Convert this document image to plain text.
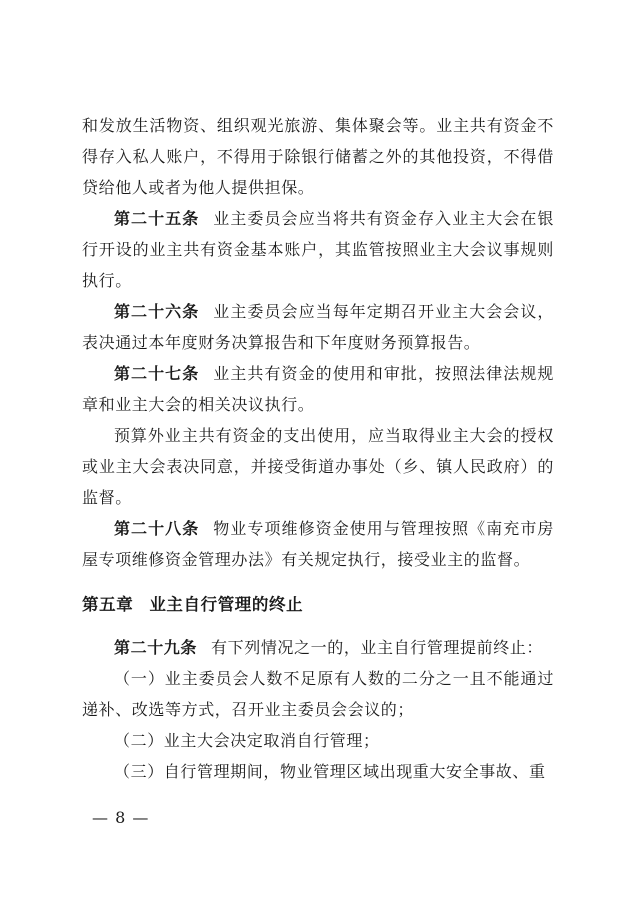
和发放生活物资、组织观光旅游、集体聚会等。业主共有资金不得存入私人账户，不得用于除银行储蓄之外的其他投资，不得借贷给他人或者为他人提供担保。

第二十五条 业主委员会应当将共有资金存入业主大会在银行开设的业主共有资金基本账户，其监管按照业主大会议事规则执行。

第二十六条 业主委员会应当每年定期召开业主大会会议，表决通过本年度财务决算报告和下年度财务预算报告。

第二十七条 业主共有资金的使用和审批，按照法律法规规章和业主大会的相关决议执行。

预算外业主共有资金的支出使用，应当取得业主大会的授权或业主大会表决同意，并接受街道办事处（乡、镇人民政府）的监督。

第二十八条 物业专项维修资金使用与管理按照《南充市房屋专项维修资金管理办法》有关规定执行，接受业主的监督。

第五章 业主自行管理的终止

第二十九条 有下列情况之一的，业主自行管理提前终止：

（一）业主委员会人数不足原有人数的二分之一且不能通过递补、改选等方式，召开业主委员会会议的；

（二）业主大会决定取消自行管理；

（三）自行管理期间，物业管理区域出现重大安全事故、重

— 8 —
